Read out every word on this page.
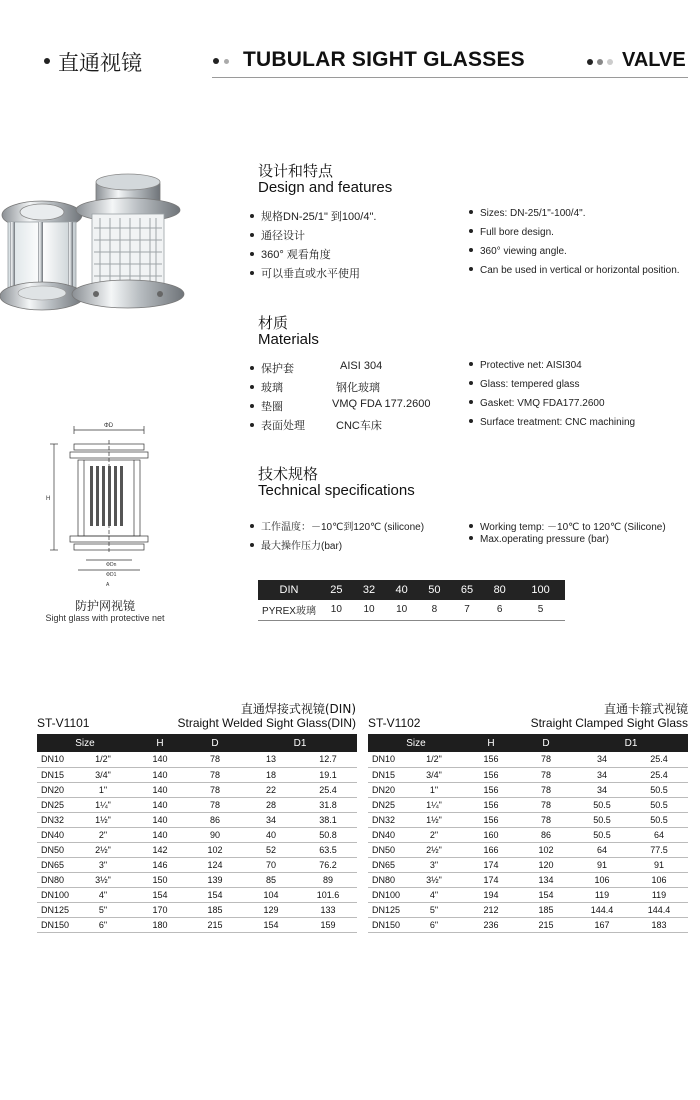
直通视镜	TUBULAR SIGHT GLASSES	VALVE
ΦD
H
ΦDn
ΦD1
A
防护网视镜
Sight glass with protective net
设计和特点
Design and features
规格DN-25/1" 到100/4".
通径设计
360° 观看角度
可以垂直或水平使用
Sizes: DN-25/1"-100/4".
Full bore design.
360° viewing angle.
Can be used in vertical or horizontal position.
材质
Materials
保护套	AISI 304
玻璃	钢化玻璃
垫圈	VMQ FDA 177.2600
表面处理	CNC车床
Protective net: AISI304
Glass: tempered glass
Gasket: VMQ FDA177.2600
Surface treatment: CNC machining
技术规格
Technical specifications
工作温度：－10℃到120℃ (silicone)
最大操作压力(bar)
Working temp: －10℃ to 120℃ (Silicone)
Max.operating pressure (bar)
DIN	25	32	40	50	65	80	100
PYREX玻璃	10	10	10	8	7	6	5
直通焊接式视镜(DIN)
ST-V1101	Straight Welded Sight Glass(DIN)
直通卡箍式视镜
ST-V1102	Straight Clamped Sight Glass
Size		H	D	D1	
DN10	1/2"	140	78	13	12.7
DN15	3/4"	140	78	18	19.1
DN20	1"	140	78	22	25.4
DN25	1¼"	140	78	28	31.8
DN32	1½"	140	86	34	38.1
DN40	2"	140	90	40	50.8
DN50	2½"	142	102	52	63.5
DN65	3"	146	124	70	76.2
DN80	3½"	150	139	85	89
DN100	4"	154	154	104	101.6
DN125	5"	170	185	129	133
DN150	6"	180	215	154	159
Size		H	D	D1	
DN10	1/2"	156	78	34	25.4
DN15	3/4"	156	78	34	25.4
DN20	1"	156	78	34	50.5
DN25	1¼"	156	78	50.5	50.5
DN32	1½"	156	78	50.5	50.5
DN40	2"	160	86	50.5	64
DN50	2½"	166	102	64	77.5
DN65	3"	174	120	91	91
DN80	3½"	174	134	106	106
DN100	4"	194	154	119	119
DN125	5"	212	185	144.4	144.4
DN150	6"	236	215	167	183
